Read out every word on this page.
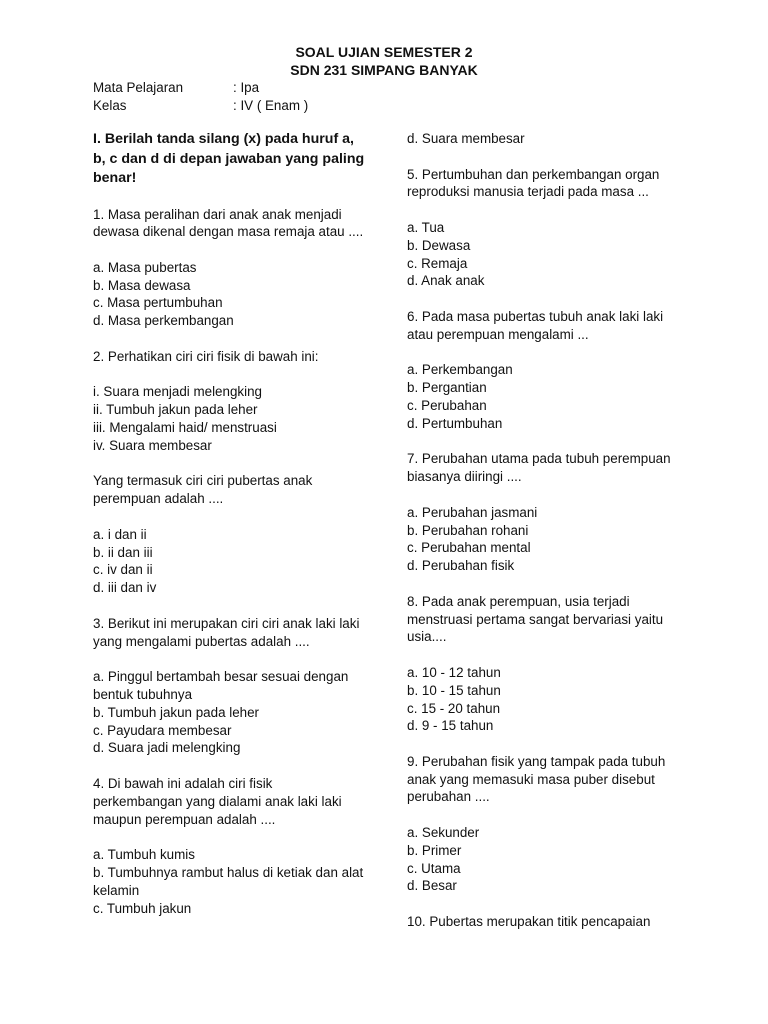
SOAL UJIAN SEMESTER 2
SDN 231 SIMPANG BANYAK
Mata Pelajaran	: Ipa
Kelas	: IV ( Enam )

I. Berilah tanda silang (x) pada huruf a, b, c dan d di depan jawaban yang paling benar!

1. Masa peralihan dari anak anak menjadi dewasa dikenal dengan masa remaja atau ....

a. Masa pubertas
b. Masa dewasa
c. Masa pertumbuhan
d. Masa perkembangan

2. Perhatikan ciri ciri fisik di bawah ini:

i. Suara menjadi melengking
ii. Tumbuh jakun pada leher
iii. Mengalami haid/ menstruasi
iv. Suara membesar

Yang termasuk ciri ciri pubertas anak perempuan adalah ....

a. i dan ii
b. ii dan iii
c. iv dan ii
d. iii dan iv

3. Berikut ini merupakan ciri ciri anak laki laki yang mengalami pubertas adalah ....

a. Pinggul bertambah besar sesuai dengan bentuk tubuhnya
b. Tumbuh jakun pada leher
c. Payudara membesar
d. Suara jadi melengking

4. Di bawah ini adalah ciri fisik perkembangan yang dialami anak laki laki maupun perempuan adalah ....

a. Tumbuh kumis
b. Tumbuhnya rambut halus di ketiak dan alat kelamin
c. Tumbuh jakun
d. Suara membesar

5. Pertumbuhan dan perkembangan organ reproduksi manusia terjadi pada masa ...

a. Tua
b. Dewasa
c. Remaja
d. Anak anak

6. Pada masa pubertas tubuh anak laki laki atau perempuan mengalami ...

a. Perkembangan
b. Pergantian
c. Perubahan
d. Pertumbuhan

7. Perubahan utama pada tubuh perempuan biasanya diiringi ....

a. Perubahan jasmani
b. Perubahan rohani
c. Perubahan mental
d. Perubahan fisik

8. Pada anak perempuan, usia terjadi menstruasi pertama sangat bervariasi yaitu usia....

a. 10 - 12 tahun
b. 10 - 15 tahun
c. 15 - 20 tahun
d. 9 - 15 tahun

9. Perubahan fisik yang tampak pada tubuh anak yang memasuki masa puber disebut perubahan ....

a. Sekunder
b. Primer
c. Utama
d. Besar

10. Pubertas merupakan titik pencapaian
